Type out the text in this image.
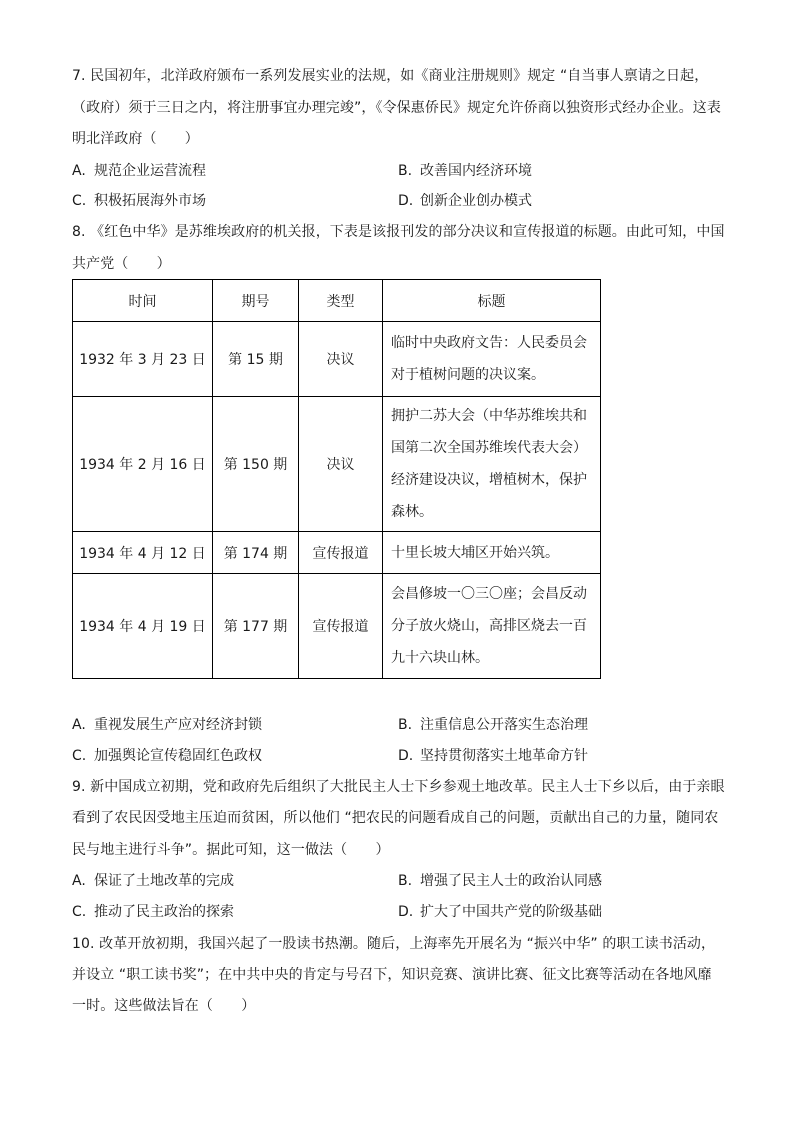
7. 民国初年，北洋政府颁布一系列发展实业的法规，如《商业注册规则》规定 “自当事人禀请之日起，
（政府）须于三日之内，将注册事宜办理完竣”，《令保惠侨民》规定允许侨商以独资形式经办企业。这表
明北洋政府（　　）
A. 规范企业运营流程	B. 改善国内经济环境
C. 积极拓展海外市场	D. 创新企业创办模式
8. 《红色中华》是苏维埃政府的机关报，下表是该报刊发的部分决议和宣传报道的标题。由此可知，中国
共产党（　　）
时间	期号	类型	标题
1932 年 3 月 23 日	第 15 期	决议	临时中央政府文告：人民委员会
对于植树问题的决议案。

1934 年 2 月 16 日	第 150 期	决议	拥护二苏大会（中华苏维埃共和
国第二次全国苏维埃代表大会）
经济建设决议，增植树木，保护
森林。

1934 年 4 月 12 日	第 174 期	宣传报道	十里长坡大埔区开始兴筑。

1934 年 4 月 19 日	第 177 期	宣传报道	会昌修坡一〇三〇座；会昌反动
分子放火烧山，高排区烧去一百
九十六块山林。
A. 重视发展生产应对经济封锁	B. 注重信息公开落实生态治理
C. 加强舆论宣传稳固红色政权	D. 坚持贯彻落实土地革命方针
9. 新中国成立初期，党和政府先后组织了大批民主人士下乡参观土地改革。民主人士下乡以后，由于亲眼
看到了农民因受地主压迫而贫困，所以他们 “把农民的问题看成自己的问题，贡献出自己的力量，随同农
民与地主进行斗争”。据此可知，这一做法（　　）
A. 保证了土地改革的完成	B. 增强了民主人士的政治认同感
C. 推动了民主政治的探索	D. 扩大了中国共产党的阶级基础
10. 改革开放初期，我国兴起了一股读书热潮。随后，上海率先开展名为 “振兴中华” 的职工读书活动，
并设立 “职工读书奖”；在中共中央的肯定与号召下，知识竞赛、演讲比赛、征文比赛等活动在各地风靡
一时。这些做法旨在（　　）
